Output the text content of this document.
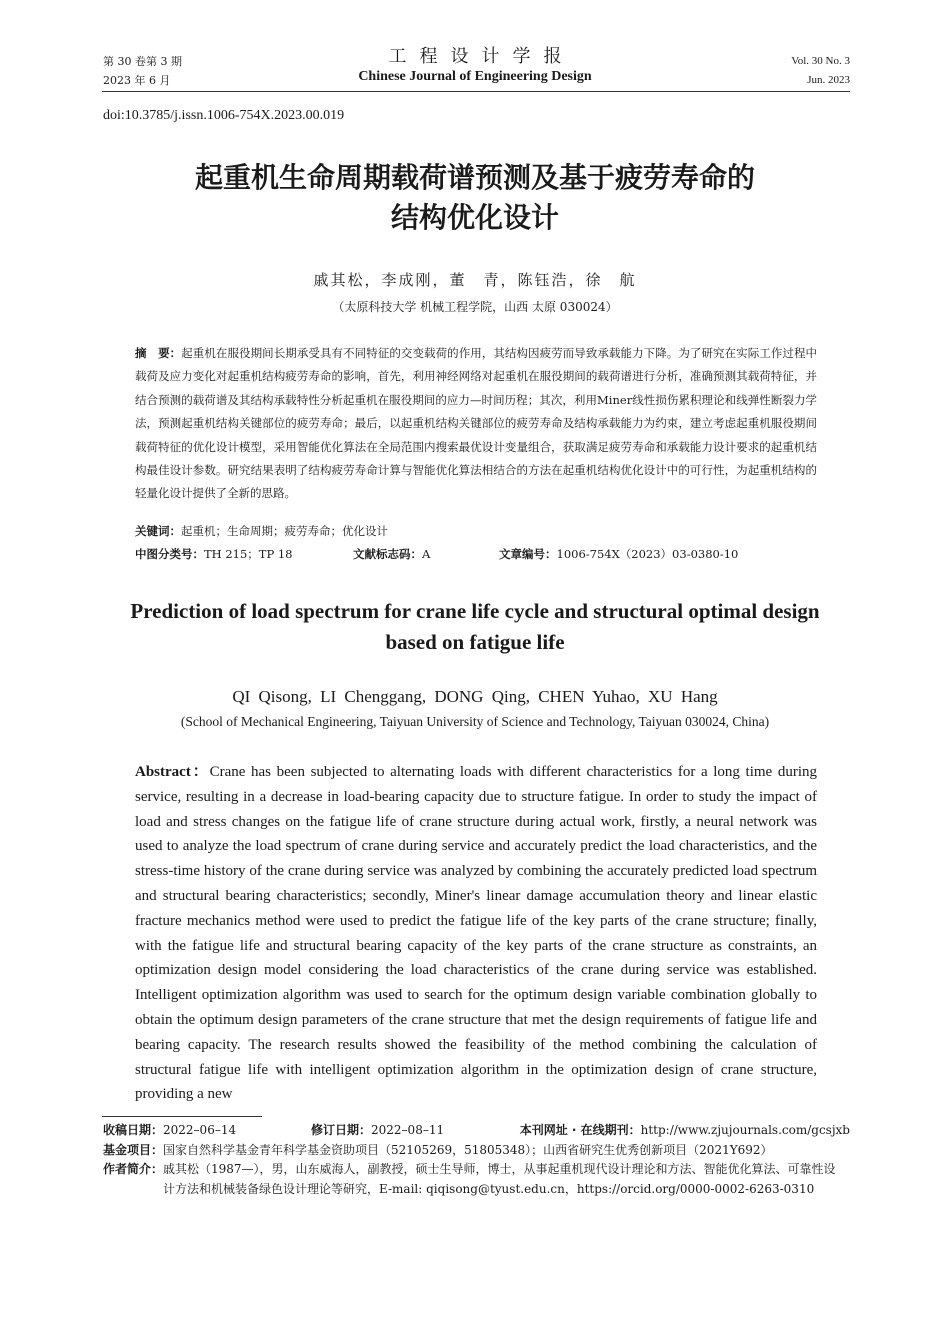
第 30 卷第 3 期
2023 年 6 月
工程设计学报
Chinese Journal of Engineering Design
Vol. 30 No. 3
Jun. 2023
doi:10.3785/j.issn.1006-754X.2023.00.019
起重机生命周期载荷谱预测及基于疲劳寿命的
结构优化设计
戚其松，李成刚，董　青，陈钰浩，徐　航
（太原科技大学 机械工程学院，山西 太原 030024）
摘　要：起重机在服役期间长期承受具有不同特征的交变载荷的作用，其结构因疲劳而导致承载能力下降。为了研究在实际工作过程中载荷及应力变化对起重机结构疲劳寿命的影响，首先，利用神经网络对起重机在服役期间的载荷谱进行分析，准确预测其载荷特征，并结合预测的载荷谱及其结构承载特性分析起重机在服役期间的应力—时间历程；其次，利用Miner线性损伤累积理论和线弹性断裂力学法，预测起重机结构关键部位的疲劳寿命；最后，以起重机结构关键部位的疲劳寿命及结构承载能力为约束，建立考虑起重机服役期间载荷特征的优化设计模型，采用智能优化算法在全局范围内搜索最优设计变量组合，获取满足疲劳寿命和承载能力设计要求的起重机结构最佳设计参数。研究结果表明了结构疲劳寿命计算与智能优化算法相结合的方法在起重机结构优化设计中的可行性，为起重机结构的轻量化设计提供了全新的思路。
关键词：起重机；生命周期；疲劳寿命；优化设计
中图分类号：TH 215；TP 18	文献标志码：A	文章编号：1006-754X（2023）03-0380-10
Prediction of load spectrum for crane life cycle and structural optimal design
based on fatigue life
QI Qisong, LI Chenggang, DONG Qing, CHEN Yuhao, XU Hang
(School of Mechanical Engineering, Taiyuan University of Science and Technology, Taiyuan 030024, China)
Abstract：Crane has been subjected to alternating loads with different characteristics for a long time during service, resulting in a decrease in load-bearing capacity due to structure fatigue. In order to study the impact of load and stress changes on the fatigue life of crane structure during actual work, firstly, a neural network was used to analyze the load spectrum of crane during service and accurately predict the load characteristics, and the stress-time history of the crane during service was analyzed by combining the accurately predicted load spectrum and structural bearing characteristics; secondly, Miner's linear damage accumulation theory and linear elastic fracture mechanics method were used to predict the fatigue life of the key parts of the crane structure; finally, with the fatigue life and structural bearing capacity of the key parts of the crane structure as constraints, an optimization design model considering the load characteristics of the crane during service was established. Intelligent optimization algorithm was used to search for the optimum design variable combination globally to obtain the optimum design parameters of the crane structure that met the design requirements of fatigue life and bearing capacity. The research results showed the feasibility of the method combining the calculation of structural fatigue life with intelligent optimization algorithm in the optimization design of crane structure, providing a new
收稿日期：2022–06–14	修订日期：2022–08–11	本刊网址 · 在线期刊：http://www.zjujournals.com/gcsjxb
基金项目：国家自然科学基金青年科学基金资助项目（52105269，51805348）；山西省研究生优秀创新项目（2021Y692）
作者简介： 戚其松（1987—），男，山东威海人，副教授，硕士生导师，博士，从事起重机现代设计理论和方法、智能优化算法、可靠性设计方法和机械装备绿色设计理论等研究，E-mail: qiqisong@tyust.edu.cn，https://orcid.org/0000-0002-6263-0310
